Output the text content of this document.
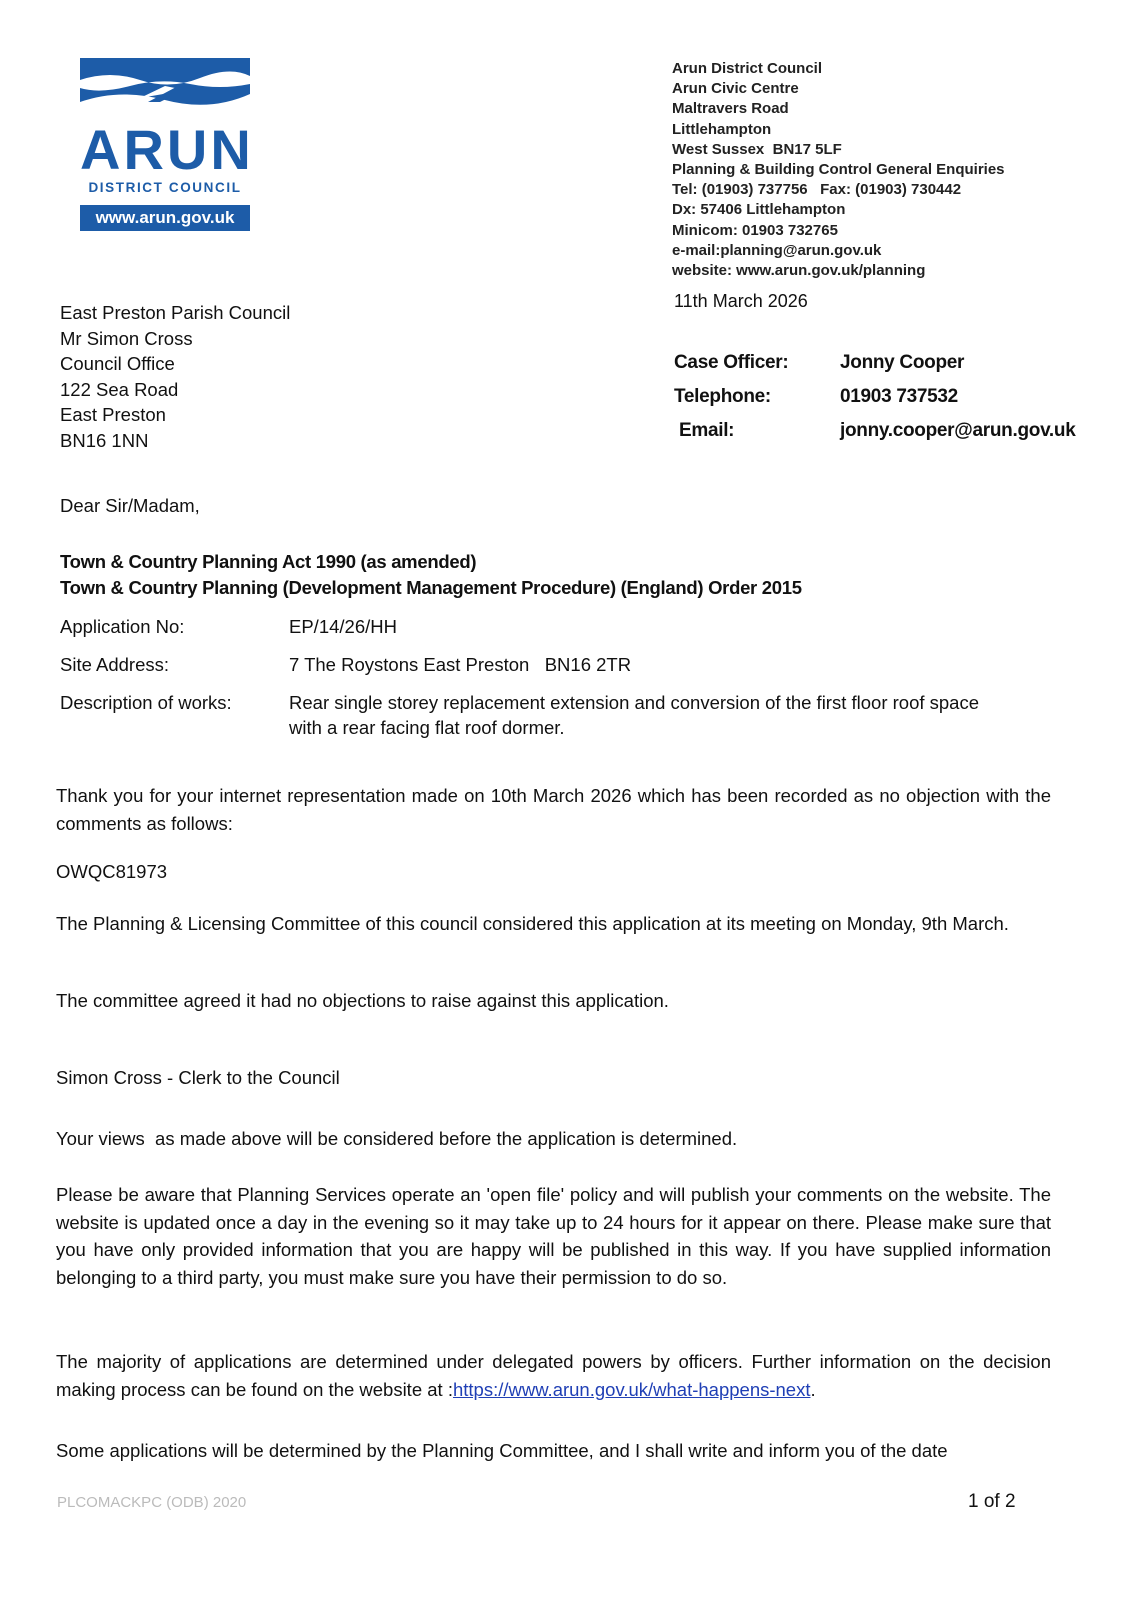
ARUN
DISTRICT COUNCIL
www.arun.gov.uk
Arun District Council
Arun Civic Centre
Maltravers Road
Littlehampton
West Sussex  BN17 5LF
Planning & Building Control General Enquiries
Tel: (01903) 737756   Fax: (01903) 730442
Dx: 57406 Littlehampton
Minicom: 01903 732765
e-mail:planning@arun.gov.uk
website: www.arun.gov.uk/planning
11th March 2026
East Preston Parish Council
Mr Simon Cross
Council Office
122 Sea Road
East Preston
BN16 1NN
Case Officer:	Jonny Cooper
Telephone:	01903 737532
Email:	jonny.cooper@arun.gov.uk
Dear Sir/Madam,
Town & Country Planning Act 1990 (as amended)
Town & Country Planning (Development Management Procedure) (England) Order 2015
Application No:	EP/14/26/HH
Site Address:	7 The Roystons East Preston   BN16 2TR
Description of works:	Rear single storey replacement extension and conversion of the first floor roof space with a rear facing flat roof dormer.
Thank you for your internet representation made on 10th March 2026 which has been recorded as no objection with the comments as follows:
OWQC81973
The Planning & Licensing Committee of this council considered this application at its meeting on Monday, 9th March.
The committee agreed it had no objections to raise against this application.
Simon Cross - Clerk to the Council
Your views  as made above will be considered before the application is determined.
Please be aware that Planning Services operate an 'open file' policy and will publish your comments on the website. The website is updated once a day in the evening so it may take up to 24 hours for it appear on there. Please make sure that you have only provided information that you are happy will be published in this way. If you have supplied information belonging to a third party, you must make sure you have their permission to do so.
The majority of applications are determined under delegated powers by officers. Further information on the decision making process can be found on the website at :https://www.arun.gov.uk/what-happens-next.
Some applications will be determined by the Planning Committee, and I shall write and inform you of the date
PLCOMACKPC (ODB) 2020	1 of 2
